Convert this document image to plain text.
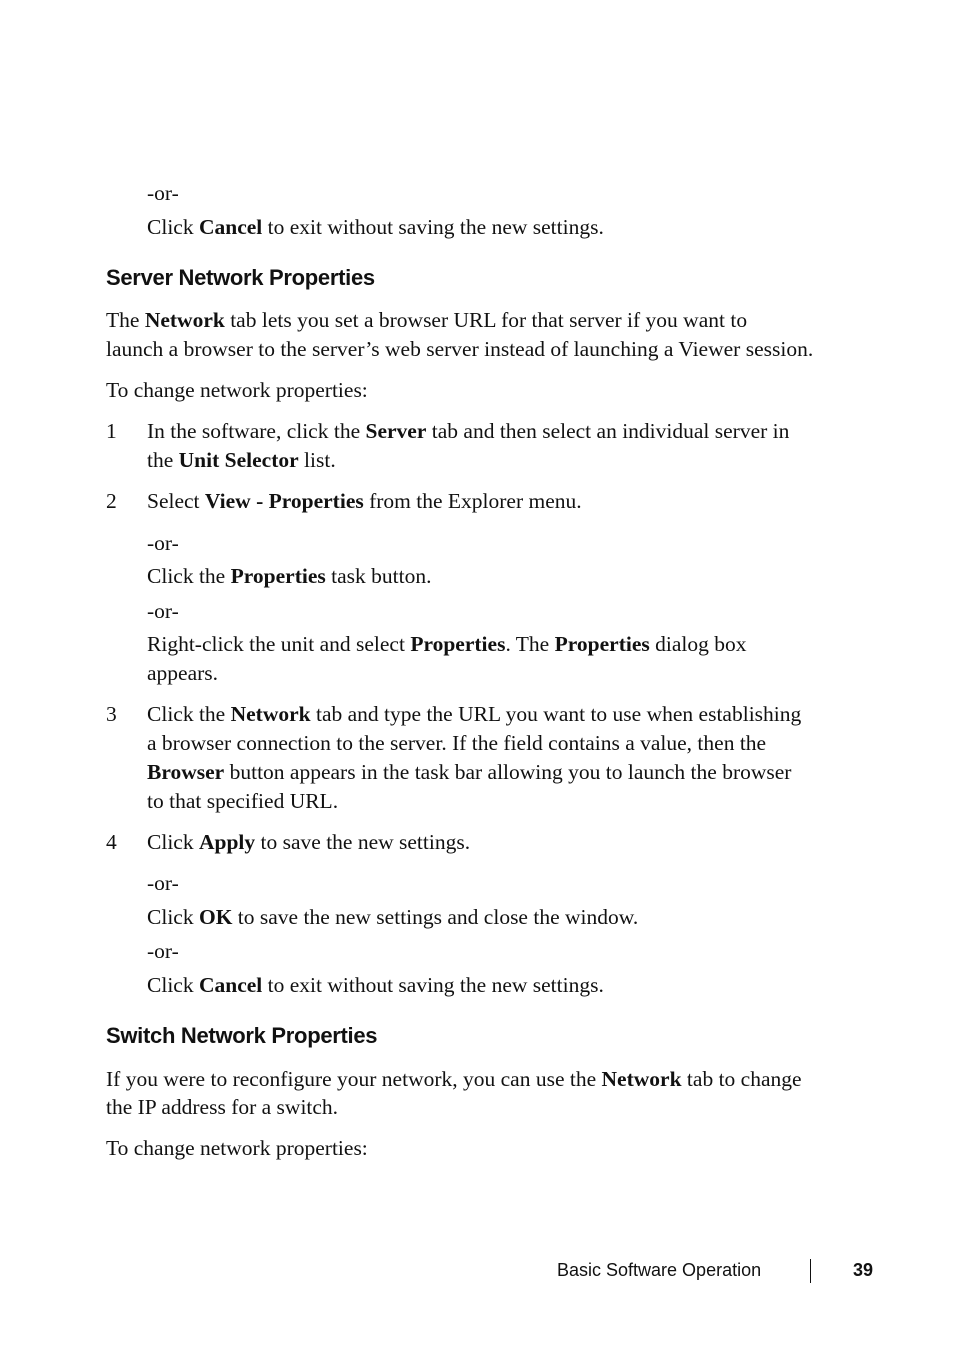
-or-

Click Cancel to exit without saving the new settings.

Server Network Properties

The Network tab lets you set a browser URL for that server if you want to

launch a browser to the server’s web server instead of launching a Viewer session.

To change network properties:

1 In the software, click the Server tab and then select an individual server in

the Unit Selector list.

2 Select View - Properties from the Explorer menu.

-or-

Click the Properties task button.

-or-

Right-click the unit and select Properties. The Properties dialog box

appears.

3 Click the Network tab and type the URL you want to use when establishing

a browser connection to the server. If the field contains a value, then the

Browser button appears in the task bar allowing you to launch the browser

to that specified URL.

4 Click Apply to save the new settings.

-or-

Click OK to save the new settings and close the window.

-or-

Click Cancel to exit without saving the new settings.

Switch Network Properties

If you were to reconfigure your network, you can use the Network tab to change

the IP address for a switch.

To change network properties:

Basic Software Operation	39
